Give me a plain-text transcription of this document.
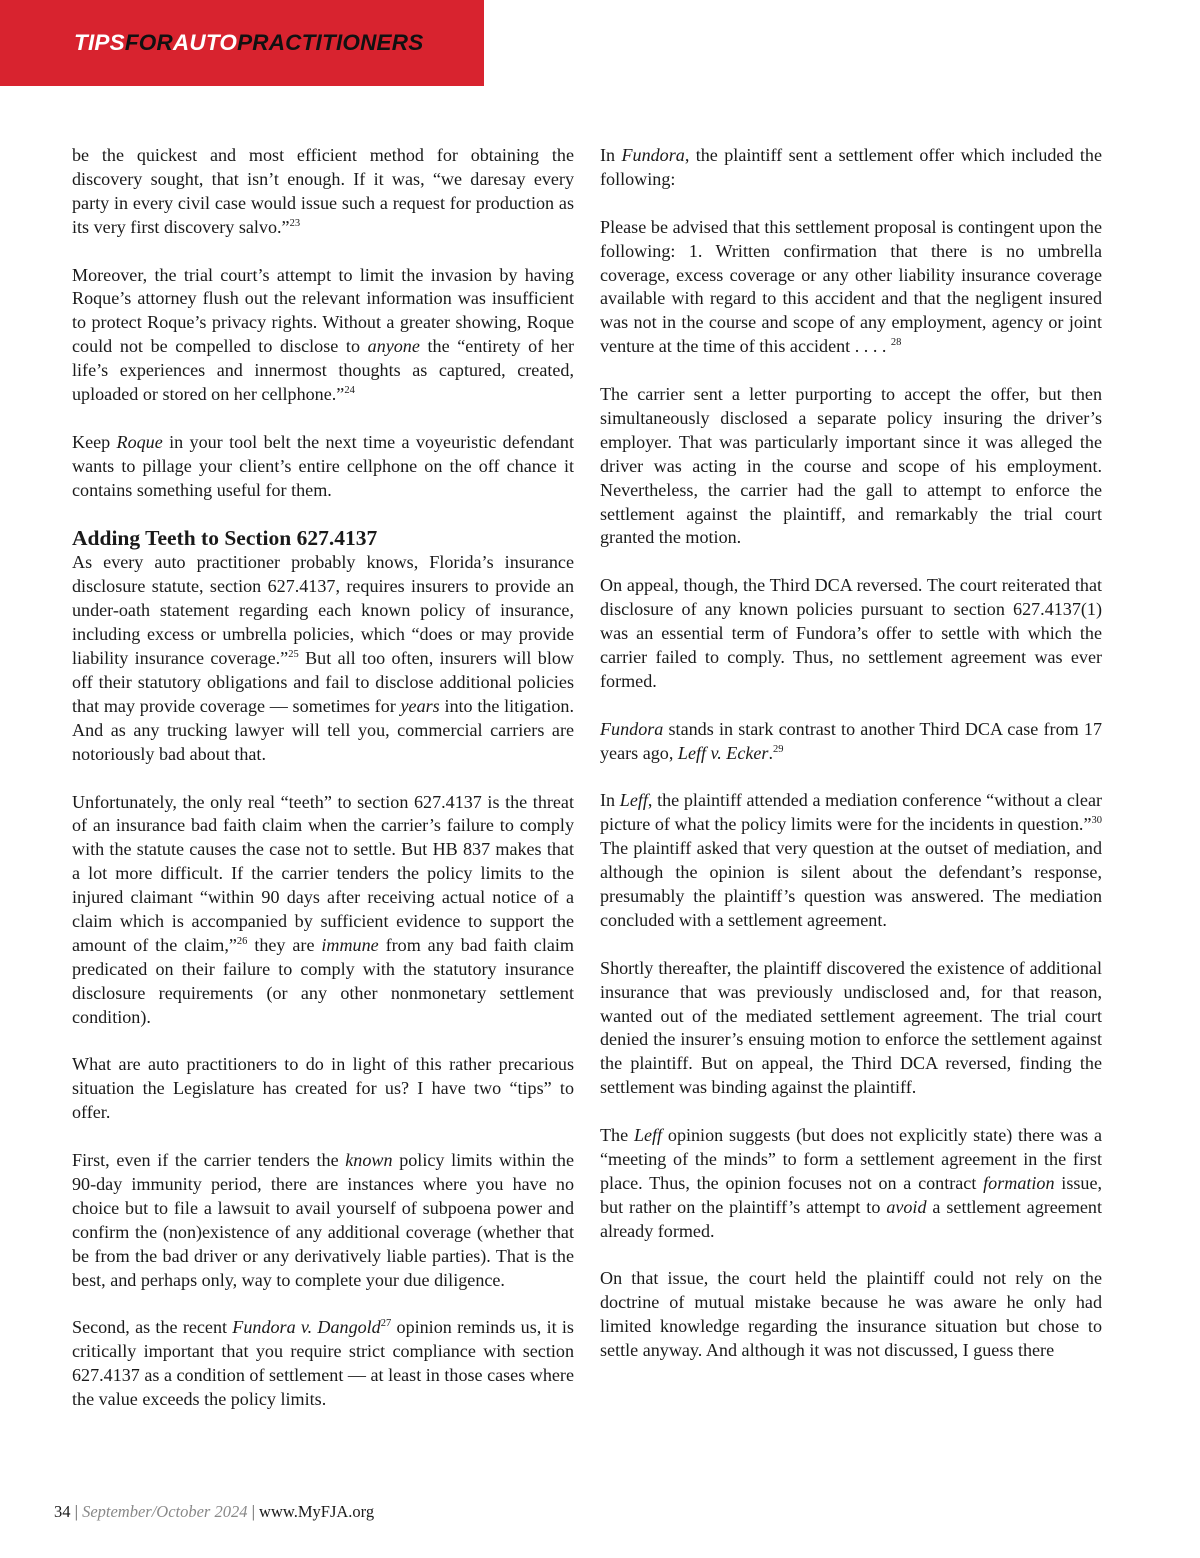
TIPSFORAUTOPRACTITIONERS

be the quickest and most efficient method for obtaining the discovery sought, that isn’t enough. If it was, “we daresay every party in every civil case would issue such a request for production as its very first discovery salvo.”$^{23}$

Moreover, the trial court’s attempt to limit the invasion by having Roque’s attorney flush out the relevant information was insufficient to protect Roque’s privacy rights. Without a greater showing, Roque could not be compelled to disclose to anyone the “entirety of her life’s experiences and innermost thoughts as captured, created, uploaded or stored on her cellphone.”$^{24}$

Keep Roque in your tool belt the next time a voyeuristic defendant wants to pillage your client’s entire cellphone on the off chance it contains something useful for them.

Adding Teeth to Section 627.4137

As every auto practitioner probably knows, Florida’s insurance disclosure statute, section 627.4137, requires insurers to provide an under-oath statement regarding each known policy of insurance, including excess or umbrella policies, which “does or may provide liability insurance coverage.”$^{25}$ But all too often, insurers will blow off their statutory obligations and fail to disclose additional policies that may provide coverage — sometimes for years into the litigation. And as any trucking lawyer will tell you, commercial carriers are notoriously bad about that.

Unfortunately, the only real “teeth” to section 627.4137 is the threat of an insurance bad faith claim when the carrier’s failure to comply with the statute causes the case not to settle. But HB 837 makes that a lot more difficult. If the carrier tenders the policy limits to the injured claimant “within 90 days after receiving actual notice of a claim which is accompanied by sufficient evidence to support the amount of the claim,”$^{26}$ they are immune from any bad faith claim predicated on their failure to comply with the statutory insurance disclosure requirements (or any other nonmonetary settlement condition).

What are auto practitioners to do in light of this rather precarious situation the Legislature has created for us? I have two “tips” to offer.

First, even if the carrier tenders the known policy limits within the 90-day immunity period, there are instances where you have no choice but to file a lawsuit to avail yourself of subpoena power and confirm the (non)existence of any additional coverage (whether that be from the bad driver or any derivatively liable parties). That is the best, and perhaps only, way to complete your due diligence.

Second, as the recent Fundora v. Dangold$^{27}$ opinion reminds us, it is critically important that you require strict compliance with section 627.4137 as a condition of settlement — at least in those cases where the value exceeds the policy limits.

In Fundora, the plaintiff sent a settlement offer which included the following:

Please be advised that this settlement proposal is contingent upon the following: 1. Written confirmation that there is no umbrella coverage, excess coverage or any other liability insurance coverage available with regard to this accident and that the negligent insured was not in the course and scope of any employment, agency or joint venture at the time of this accident . . . . $^{28}$

The carrier sent a letter purporting to accept the offer, but then simultaneously disclosed a separate policy insuring the driver’s employer. That was particularly important since it was alleged the driver was acting in the course and scope of his employment. Nevertheless, the carrier had the gall to attempt to enforce the settlement against the plaintiff, and remarkably the trial court granted the motion.

On appeal, though, the Third DCA reversed. The court reiterated that disclosure of any known policies pursuant to section 627.4137(1) was an essential term of Fundora’s offer to settle with which the carrier failed to comply. Thus, no settlement agreement was ever formed.

Fundora stands in stark contrast to another Third DCA case from 17 years ago, Leff v. Ecker.$^{29}$

In Leff, the plaintiff attended a mediation conference “without a clear picture of what the policy limits were for the incidents in question.”$^{30}$ The plaintiff asked that very question at the outset of mediation, and although the opinion is silent about the defendant’s response, presumably the plaintiff’s question was answered. The mediation concluded with a settlement agreement.

Shortly thereafter, the plaintiff discovered the existence of additional insurance that was previously undisclosed and, for that reason, wanted out of the mediated settlement agreement. The trial court denied the insurer’s ensuing motion to enforce the settlement against the plaintiff. But on appeal, the Third DCA reversed, finding the settlement was binding against the plaintiff.

The Leff opinion suggests (but does not explicitly state) there was a “meeting of the minds” to form a settlement agreement in the first place. Thus, the opinion focuses not on a contract formation issue, but rather on the plaintiff’s attempt to avoid a settlement agreement already formed.

On that issue, the court held the plaintiff could not rely on the doctrine of mutual mistake because he was aware he only had limited knowledge regarding the insurance situation but chose to settle anyway. And although it was not discussed, I guess there

34 | September/October 2024 | www.MyFJA.org
